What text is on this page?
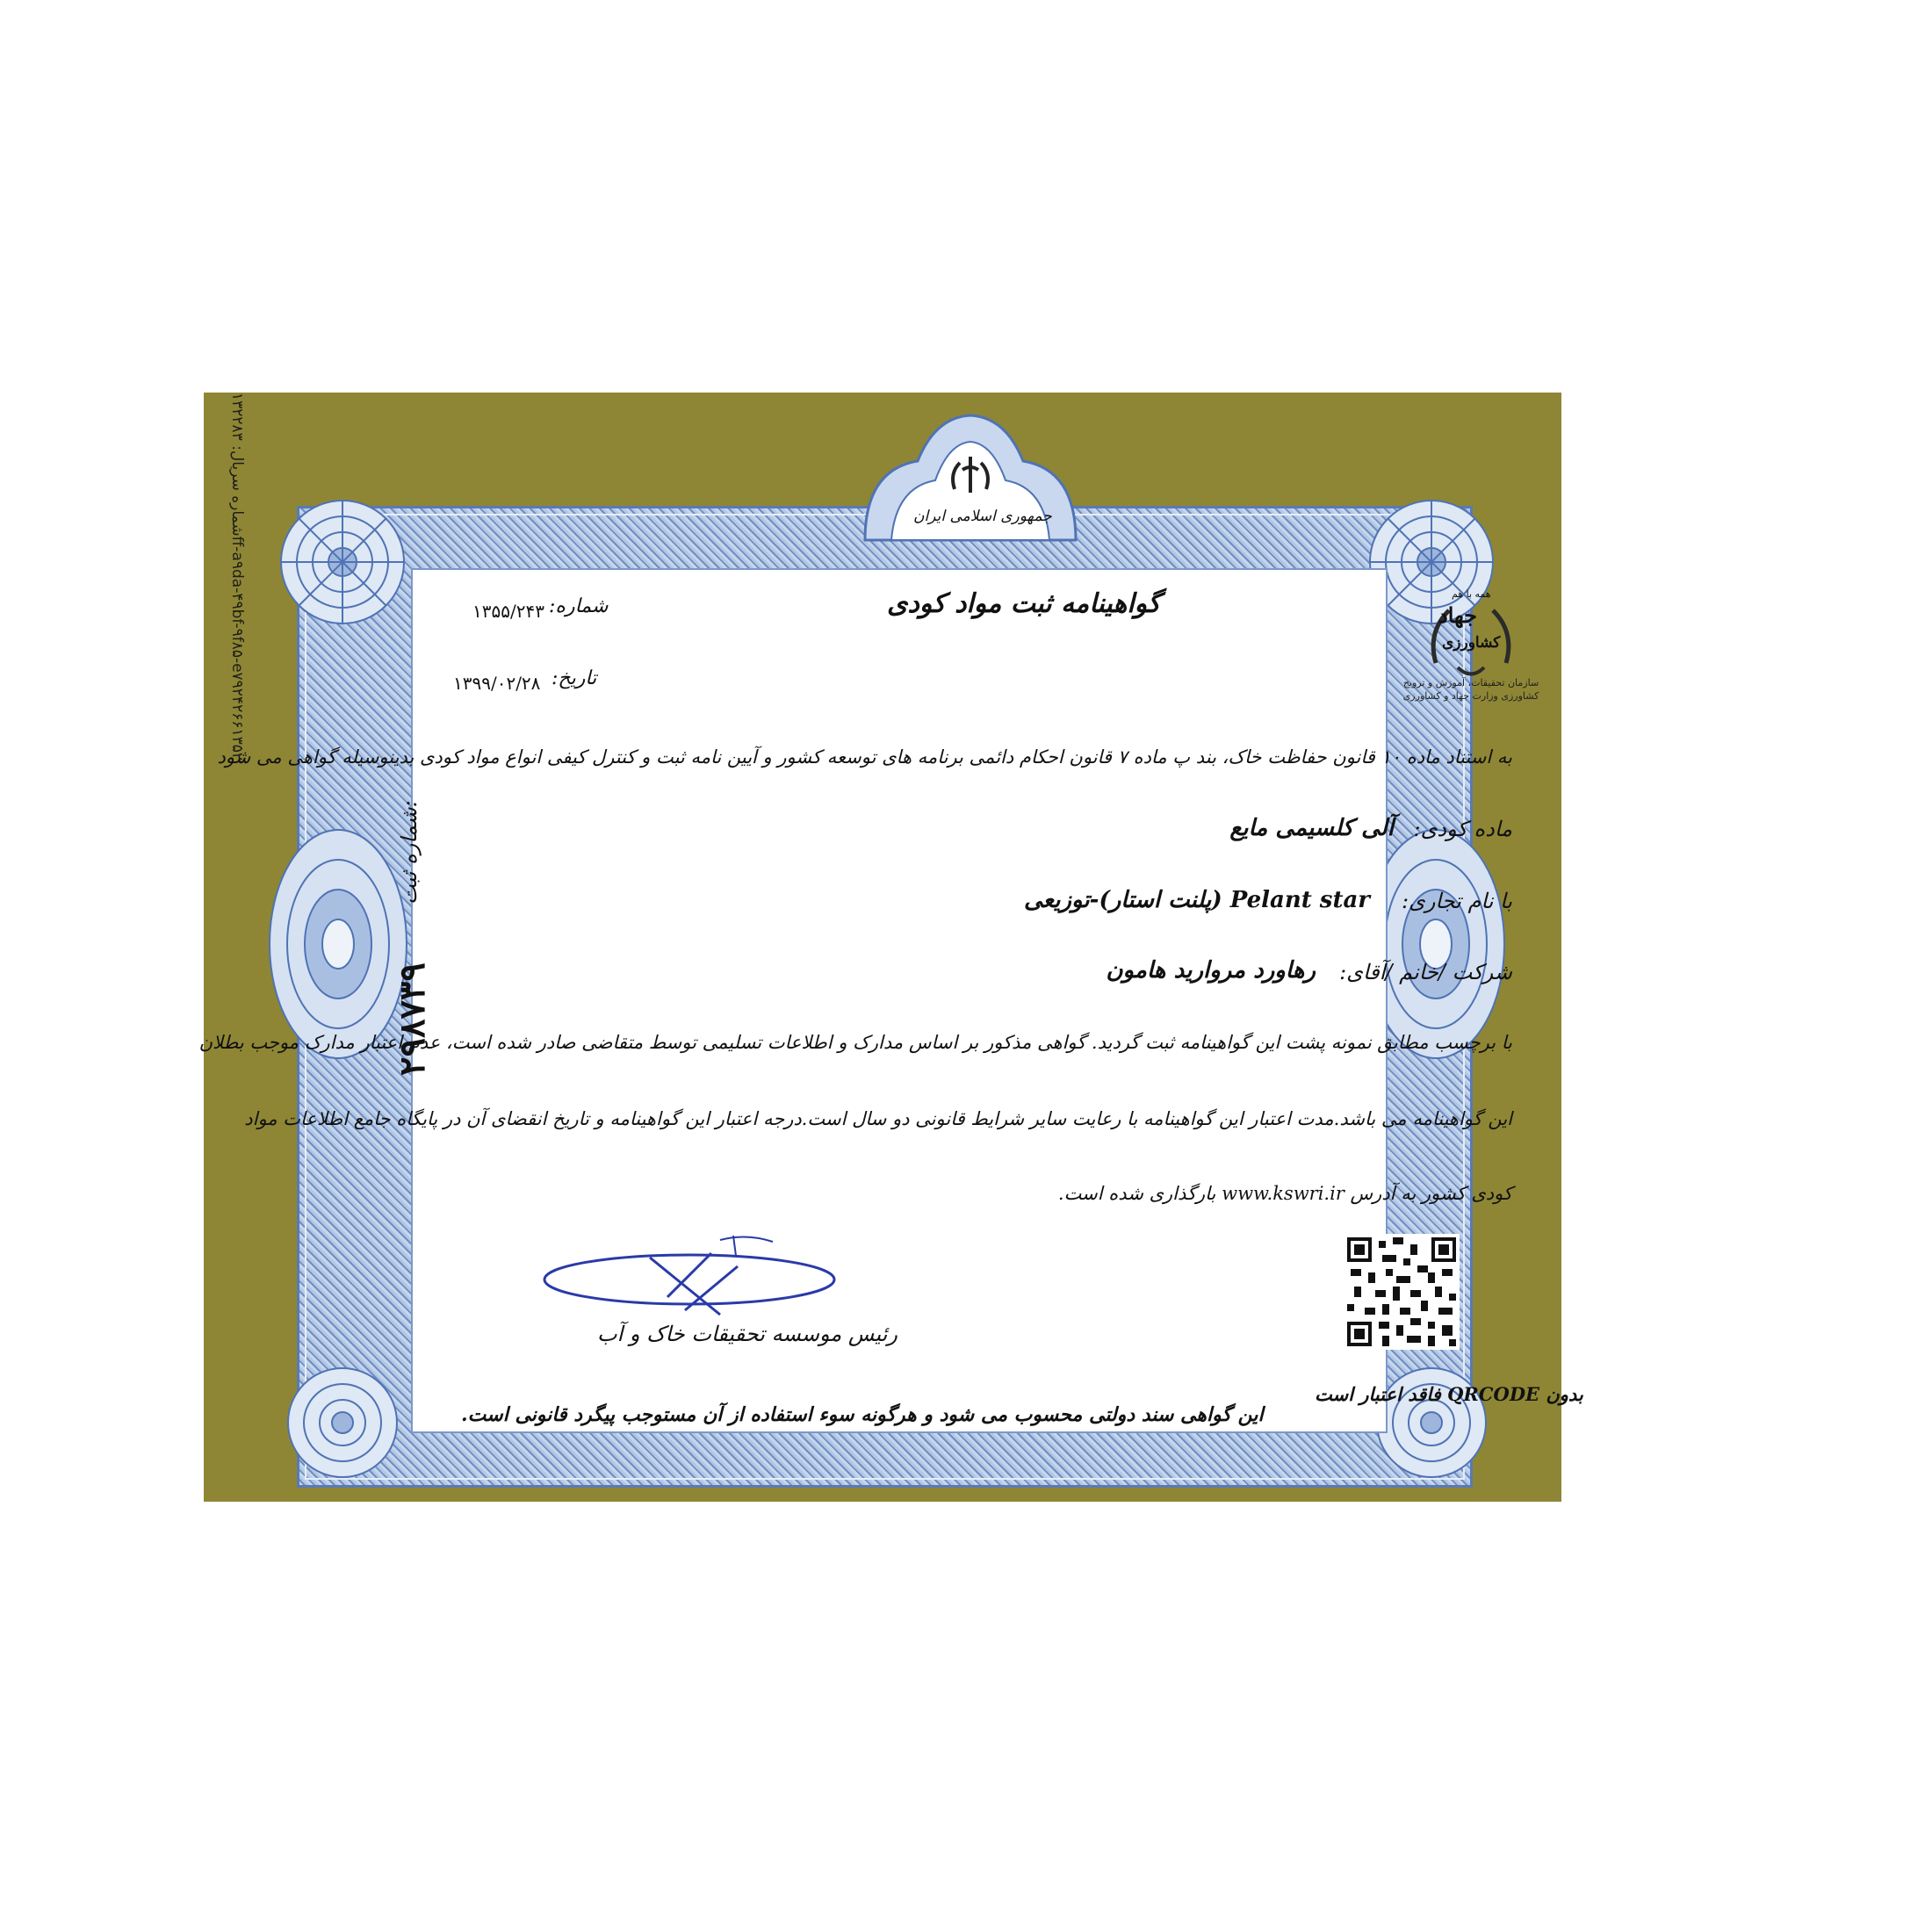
شماره سریال: ۱۳۲۲۸۳ff-a۹da-۴۹bf-۹f۸۵-e۷۹۲۴۲۶۶۱۳۵۲
جمهوری اسلامی ایران
همه با هم
جهاد
کشاورزی
سازمان تحقیقات، آموزش و ترویج
کشاورزی وزارت جهاد و کشاورزی
گواهینامه ثبت مواد کودی
شماره:
۱۳۵۵/۲۴۳
تاریخ:
۱۳۹۹/۰۲/۲۸
به استناد ماده ۱۰ قانون حفاظت خاک، بند پ ماده ۷ قانون احکام دائمی برنامه های توسعه کشور و آیین نامه ثبت و کنترل کیفی انواع مواد کودی بدینوسیله گواهی می شود
ماده کودی:
آلی کلسیمی مایع
با نام تجاری:
Pelant star (پلنت استار)-توزیعی
شرکت /خانم /آقای:
رهاورد مروارید هامون
با برچسب مطابق نمونه پشت این گواهینامه ثبت گردید. گواهی مذکور بر اساس مدارک و اطلاعات تسلیمی توسط متقاضی صادر شده است، عدم اعتبار مدارک موجب بطلان
این گواهینامه می باشد.مدت اعتبار این گواهینامه با رعایت سایر شرایط قانونی دو سال است.درجه اعتبار این گواهینامه و تاریخ انقضای آن در پایگاه جامع اطلاعات مواد
کودی کشور به آدرس www.kswri.ir بارگذاری شده است.
شماره ثبت:
۲۹۸۷۳۹
رئیس موسسه تحقیقات خاک و آب
بدون QRCODE فاقد اعتبار است
این گواهی سند دولتی محسوب می شود و هرگونه سوء استفاده از آن مستوجب پیگرد قانونی است.
